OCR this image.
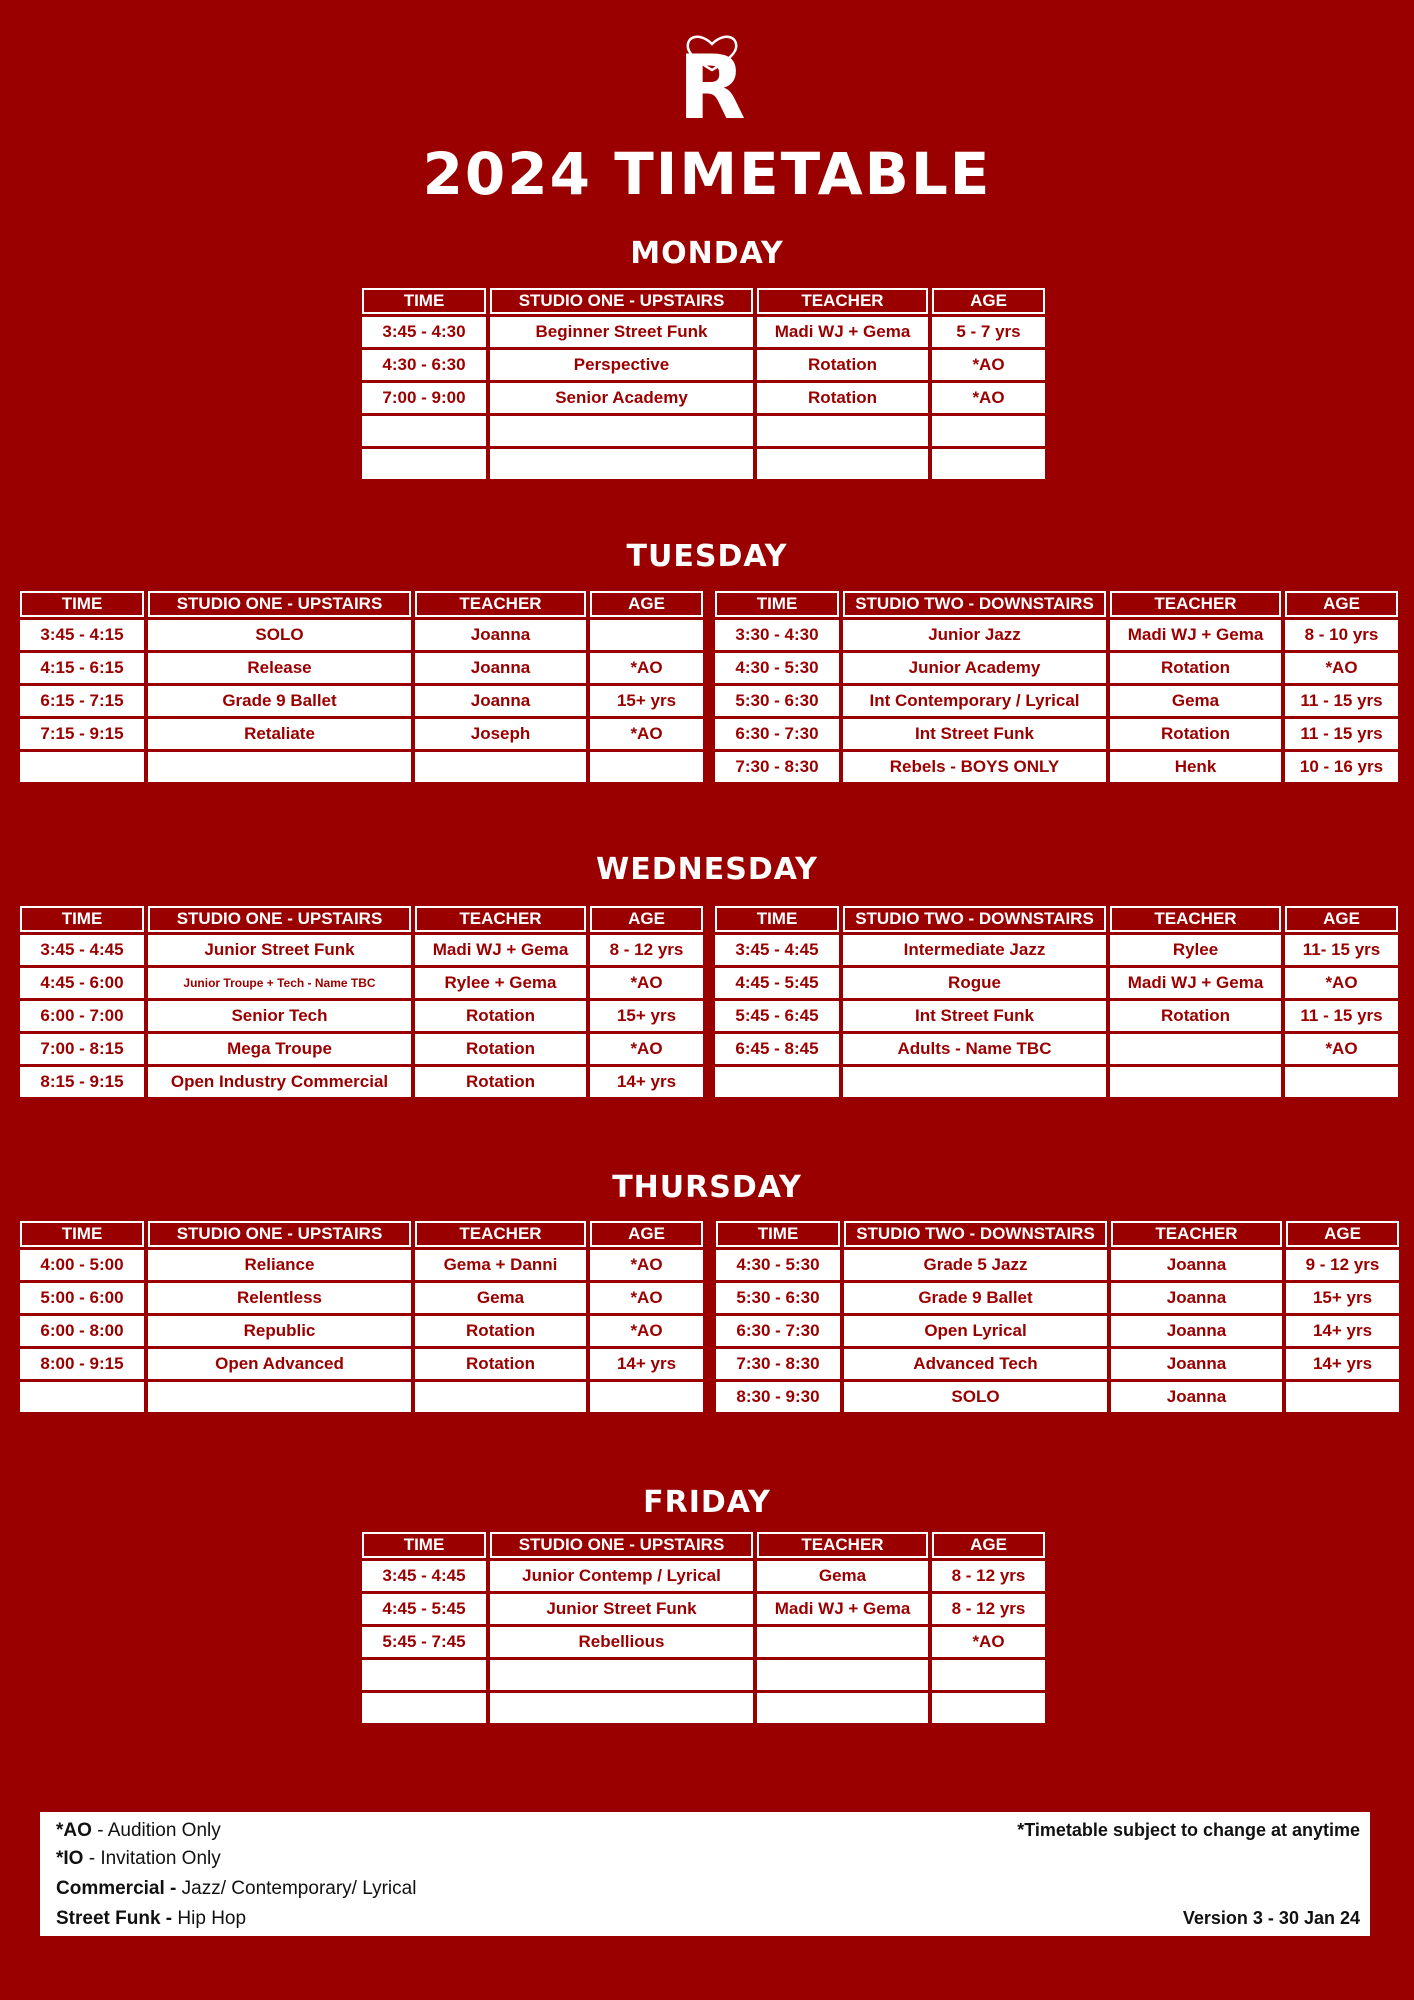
R
2024 TIMETABLE
MONDAY
TIME	STUDIO ONE - UPSTAIRS	TEACHER	AGE
3:45 - 4:30	Beginner Street Funk	Madi WJ + Gema	5 - 7 yrs
4:30 - 6:30	Perspective	Rotation	*AO
7:00 - 9:00	Senior Academy	Rotation	*AO

TUESDAY
TIME	STUDIO ONE - UPSTAIRS	TEACHER	AGE
3:45 - 4:15	SOLO	Joanna	
4:15 - 6:15	Release	Joanna	*AO
6:15 - 7:15	Grade 9 Ballet	Joanna	15+ yrs
7:15 - 9:15	Retaliate	Joseph	*AO

TIME	STUDIO TWO - DOWNSTAIRS	TEACHER	AGE
3:30 - 4:30	Junior Jazz	Madi WJ + Gema	8 - 10 yrs
4:30 - 5:30	Junior Academy	Rotation	*AO
5:30 - 6:30	Int Contemporary / Lyrical	Gema	11 - 15 yrs
6:30 - 7:30	Int Street Funk	Rotation	11 - 15 yrs
7:30 - 8:30	Rebels - BOYS ONLY	Henk	10 - 16 yrs
WEDNESDAY
TIME	STUDIO ONE - UPSTAIRS	TEACHER	AGE
3:45 - 4:45	Junior Street Funk	Madi WJ + Gema	8 - 12 yrs
4:45 - 6:00	Junior Troupe + Tech - Name TBC	Rylee + Gema	*AO
6:00 - 7:00	Senior Tech	Rotation	15+ yrs
7:00 - 8:15	Mega Troupe	Rotation	*AO
8:15 - 9:15	Open Industry Commercial	Rotation	14+ yrs
TIME	STUDIO TWO - DOWNSTAIRS	TEACHER	AGE
3:45 - 4:45	Intermediate Jazz	Rylee	11- 15 yrs
4:45 - 5:45	Rogue	Madi WJ + Gema	*AO
5:45 - 6:45	Int Street Funk	Rotation	11 - 15 yrs
6:45 - 8:45	Adults - Name TBC		*AO

THURSDAY
TIME	STUDIO ONE - UPSTAIRS	TEACHER	AGE
4:00 - 5:00	Reliance	Gema + Danni	*AO
5:00 - 6:00	Relentless	Gema	*AO
6:00 - 8:00	Republic	Rotation	*AO
8:00 - 9:15	Open Advanced	Rotation	14+ yrs

TIME	STUDIO TWO - DOWNSTAIRS	TEACHER	AGE
4:30 - 5:30	Grade 5 Jazz	Joanna	9 - 12 yrs
5:30 - 6:30	Grade 9 Ballet	Joanna	15+ yrs
6:30 - 7:30	Open Lyrical	Joanna	14+ yrs
7:30 - 8:30	Advanced Tech	Joanna	14+ yrs
8:30 - 9:30	SOLO	Joanna	
FRIDAY
TIME	STUDIO ONE - UPSTAIRS	TEACHER	AGE
3:45 - 4:45	Junior Contemp / Lyrical	Gema	8 - 12 yrs
4:45 - 5:45	Junior Street Funk	Madi WJ + Gema	8 - 12 yrs
5:45 - 7:45	Rebellious		*AO

*AO - Audition Only
*IO - Invitation Only
Commercial - Jazz/ Contemporary/ Lyrical
Street Funk - Hip Hop
*Timetable subject to change at anytime
Version 3 - 30 Jan 24
